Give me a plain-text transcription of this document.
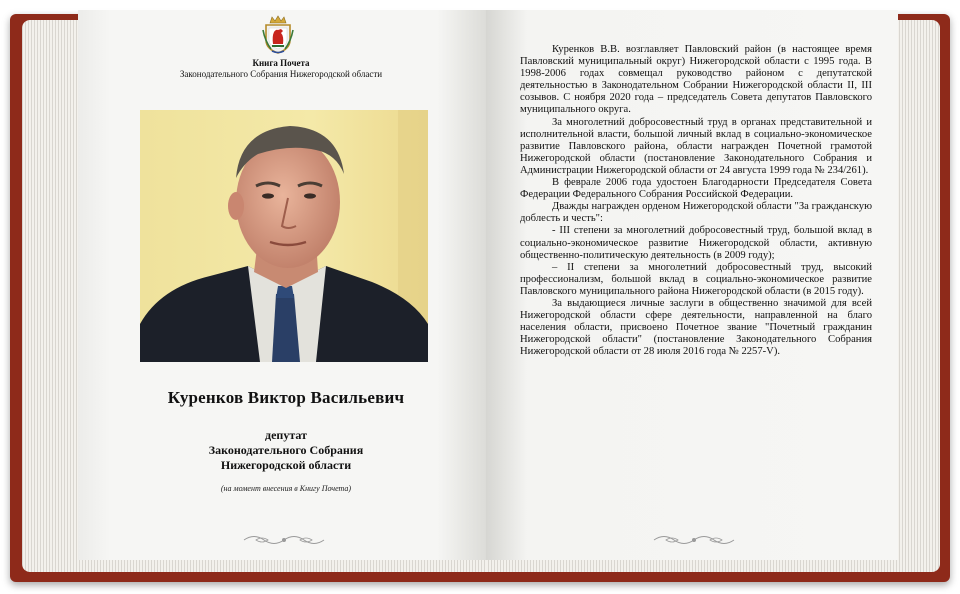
Книга Почета
Законодательного Собрания Нижегородской области
Куренков Виктор Васильевич
депутат
Законодательного Собрания
Нижегородской области
(на момент внесения в Книгу Почета)

Куренков В.В. возглавляет Павловский район (в настоящее время Павловский муниципальный округ) Нижегородской области с 1995 года. В 1998-2006 годах совмещал руководство районом с депутатской деятельностью в Законодательном Собрании Нижегородской области II, III созывов. С ноября 2020 года – председатель Совета депутатов Павловского муниципального округа.

За многолетний добросовестный труд в органах представительной и исполнительной власти, большой личный вклад в социально-экономическое развитие Павловского района, области награжден Почетной грамотой Нижегородской области (постановление Законодательного Собрания и Администрации Нижегородской области от 24 августа 1999 года № 234/261).

В феврале 2006 года удостоен Благодарности Председателя Совета Федерации Федерального Собрания Российской Федерации.

Дважды награжден орденом Нижегородской области "За гражданскую доблесть и честь":

- III степени за многолетний добросовестный труд, большой вклад в социально-экономическое развитие Нижегородской области, активную общественно-политическую деятельность (в 2009 году);

– II степени за многолетний добросовестный труд, высокий профессионализм, большой вклад в социально-экономическое развитие Павловского муниципального района Нижегородской области (в 2015 году).

За выдающиеся личные заслуги в общественно значимой для всей Нижегородской области сфере деятельности, направленной на благо населения области, присвоено Почетное звание "Почетный гражданин Нижегородской области" (постановление Законодательного Собрания Нижегородской области от 28 июля 2016 года № 2257-V).
